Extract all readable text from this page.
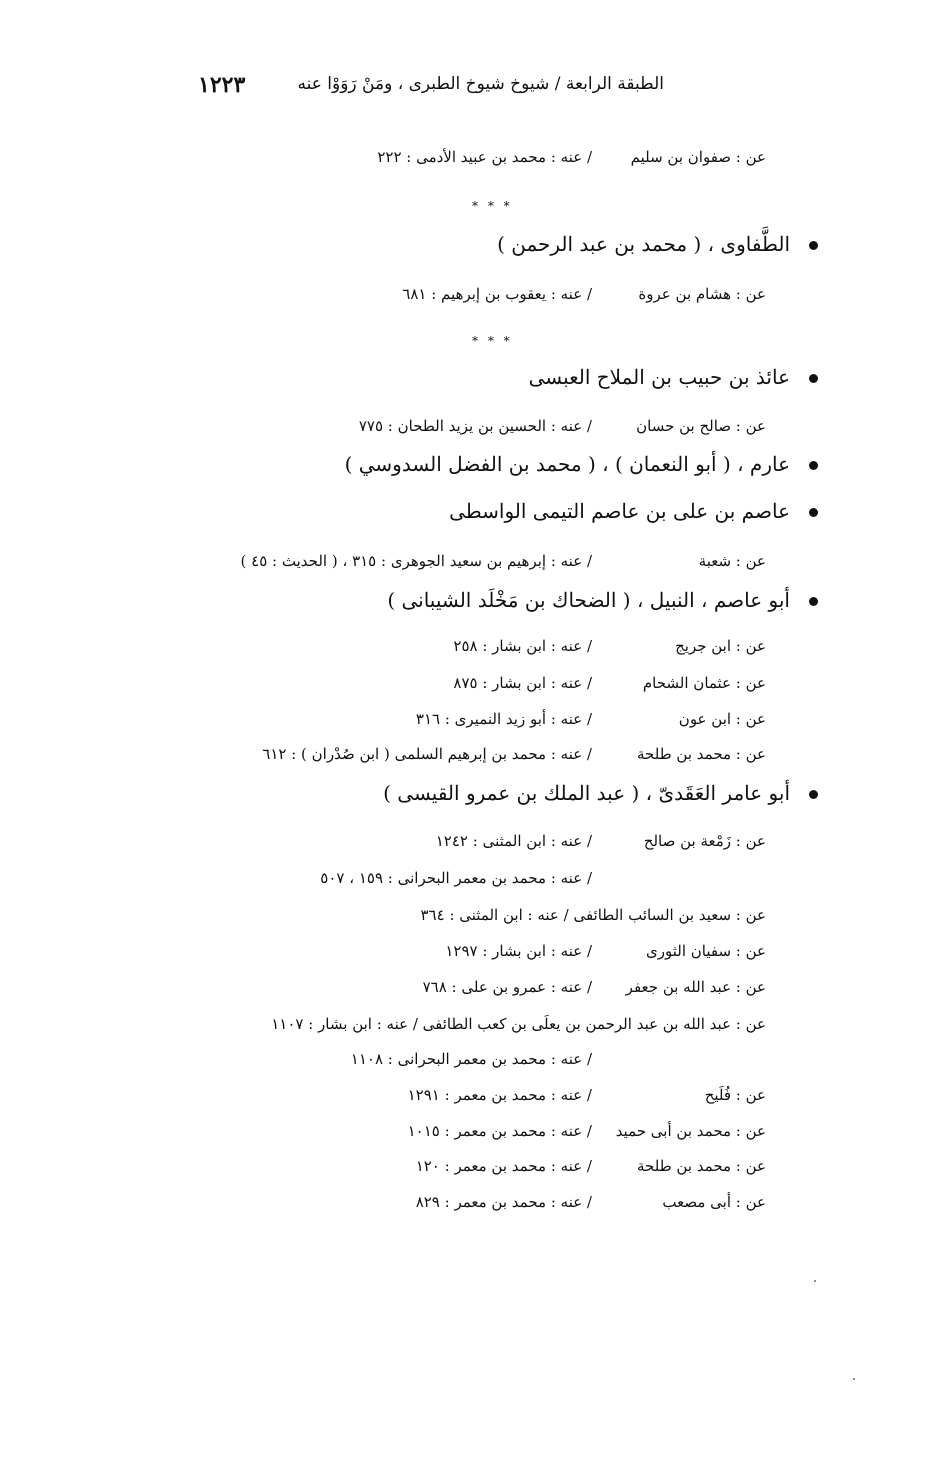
الطبقة الرابعة / شيوخ شيوخ الطبرى ، ومَنْ رَوَوْا عنه
١٢٢٣
عن : صفوان بن سليم
/ عنه : محمد بن عبيد الأدمى : ٢٢٢
* * *
الطَّفاوى ، ( محمد بن عبد الرحمن )
عن : هشام بن عروة
/ عنه : يعقوب بن إبرهيم : ٦٨١
* * *
عائذ بن حبيب بن الملاح العبسى
عن : صالح بن حسان
/ عنه : الحسين بن يزيد الطحان : ٧٧٥
عارم ، ( أبو النعمان ) ، ( محمد بن الفضل السدوسي )
عاصم بن على بن عاصم التيمى الواسطى
عن : شعبة
/ عنه : إبرهيم بن سعيد الجوهرى : ٣١٥ ، ( الحديث : ٤٥ )
أبو عاصم ، النبيل ، ( الضحاك بن مَخْلَد الشيبانى )
عن : ابن جريج
/ عنه : ابن بشار : ٢٥٨
عن : عثمان الشحام
/ عنه : ابن بشار : ٨٧٥
عن : ابن عون
/ عنه : أبو زيد النميرى : ٣١٦
عن : محمد بن طلحة
/ عنه : محمد بن إبرهيم السلمى ( ابن صُدْران ) : ٦١٢
أبو عامر العَقَدىّ ، ( عبد الملك بن عمرو القيسى )
عن : زَمْعة بن صالح
/ عنه : ابن المثنى : ١٢٤٢
/ عنه : محمد بن معمر البحرانى : ١٥٩ ، ٥٠٧
عن : سعيد بن السائب الطائفى / عنه : ابن المثنى : ٣٦٤
عن : سفيان الثورى
/ عنه : ابن بشار : ١٢٩٧
عن : عبد الله بن جعفر
/ عنه : عمرو بن على : ٧٦٨
عن : عبد الله بن عبد الرحمن بن يعلَى بن كعب الطائفى / عنه : ابن بشار : ١١٠٧
/ عنه : محمد بن معمر البحرانى : ١١٠٨
عن : فُلَيح
/ عنه : محمد بن معمر : ١٢٩١
عن : محمد بن أبى حميد
/ عنه : محمد بن معمر : ١٠١٥
عن : محمد بن طلحة
/ عنه : محمد بن معمر : ١٢٠
عن : أبى مصعب
/ عنه : محمد بن معمر : ٨٢٩
